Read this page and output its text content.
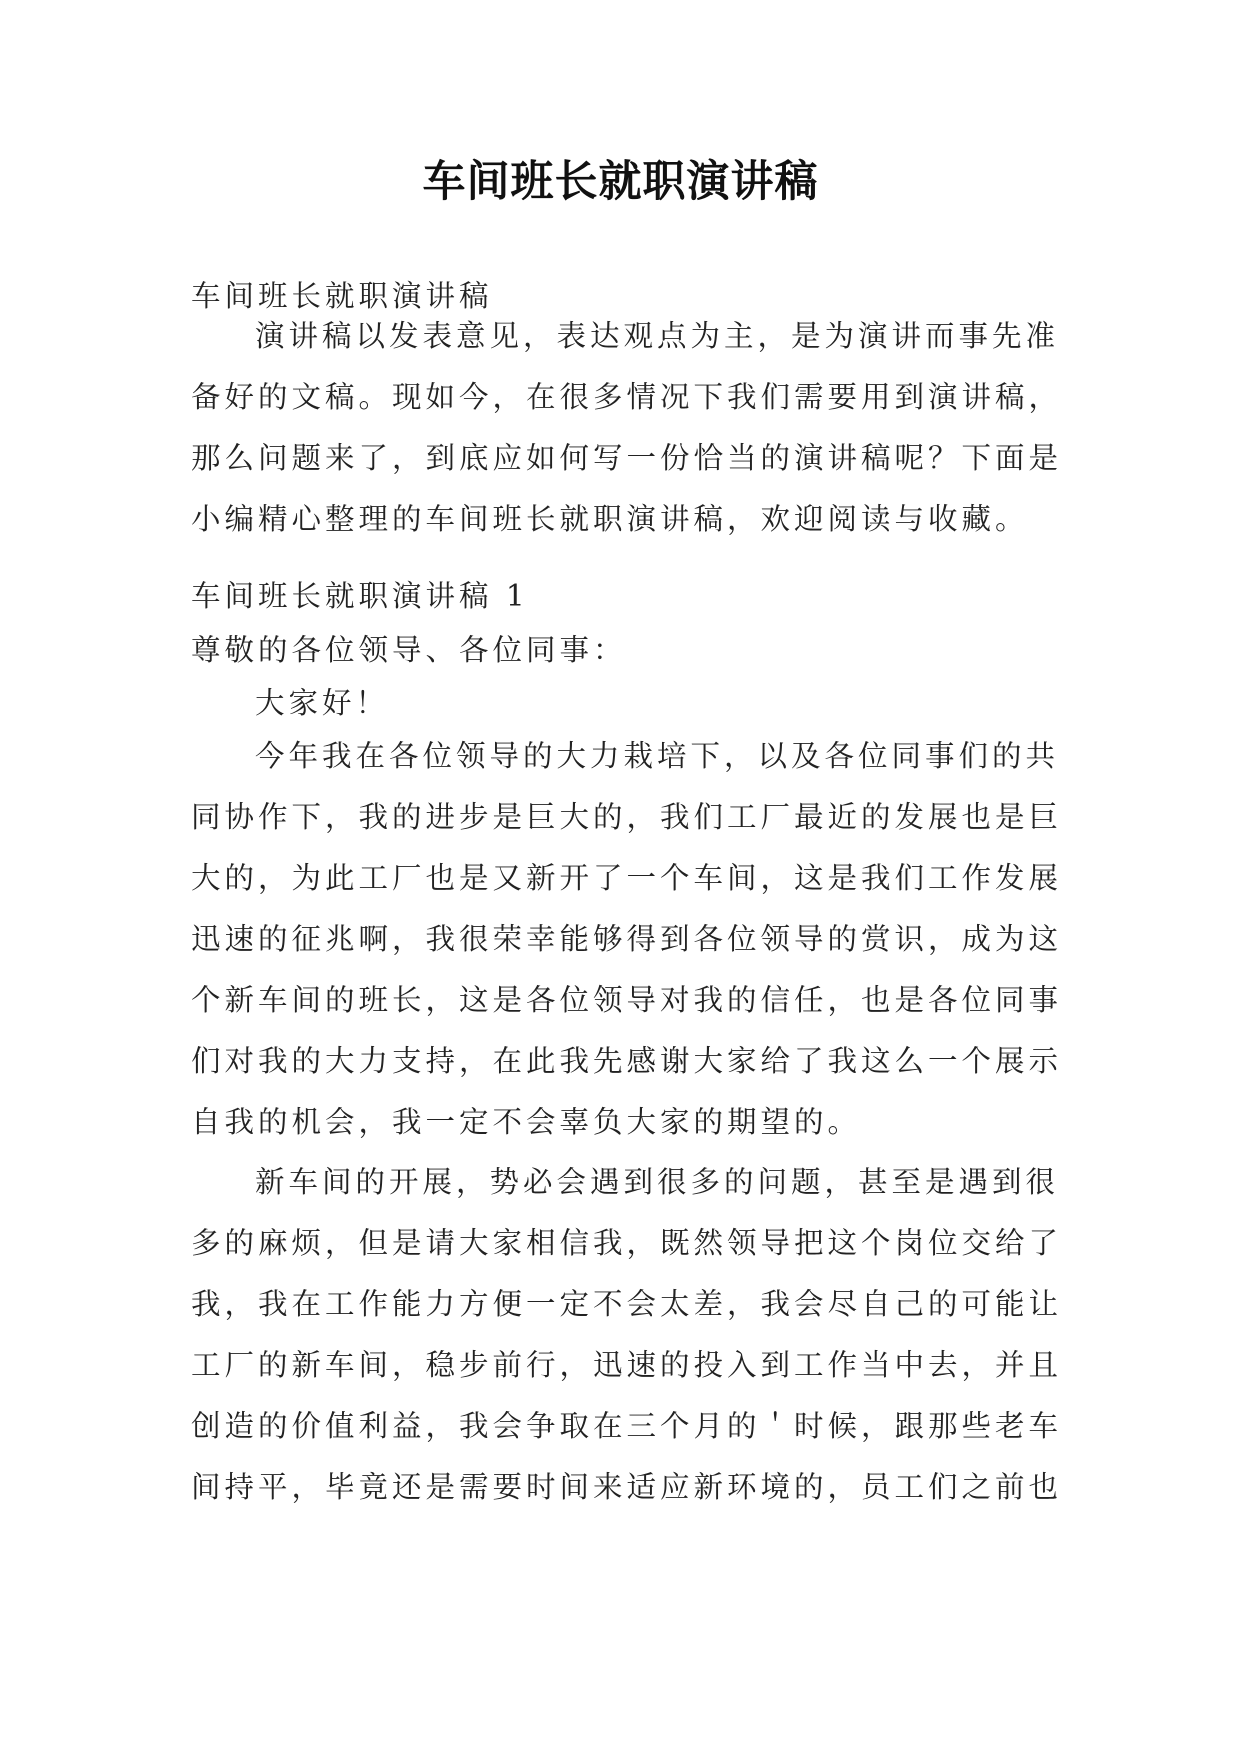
车间班长就职演讲稿

车间班长就职演讲稿

演讲稿以发表意见，表达观点为主，是为演讲而事先准
备好的文稿。现如今，在很多情况下我们需要用到演讲稿，
那么问题来了，到底应如何写一份恰当的演讲稿呢？下面是
小编精心整理的车间班长就职演讲稿，欢迎阅读与收藏。

车间班长就职演讲稿 1

尊敬的各位领导、各位同事：

大家好！

今年我在各位领导的大力栽培下，以及各位同事们的共
同协作下，我的进步是巨大的，我们工厂最近的发展也是巨
大的，为此工厂也是又新开了一个车间，这是我们工作发展
迅速的征兆啊，我很荣幸能够得到各位领导的赏识，成为这
个新车间的班长，这是各位领导对我的信任，也是各位同事
们对我的大力支持，在此我先感谢大家给了我这么一个展示
自我的机会，我一定不会辜负大家的期望的。
新车间的开展，势必会遇到很多的问题，甚至是遇到很
多的麻烦，但是请大家相信我，既然领导把这个岗位交给了
我，我在工作能力方便一定不会太差，我会尽自己的可能让
工厂的新车间，稳步前行，迅速的投入到工作当中去，并且
创造的价值利益，我会争取在三个月的＇时候，跟那些老车
间持平，毕竟还是需要时间来适应新环境的，员工们之前也
